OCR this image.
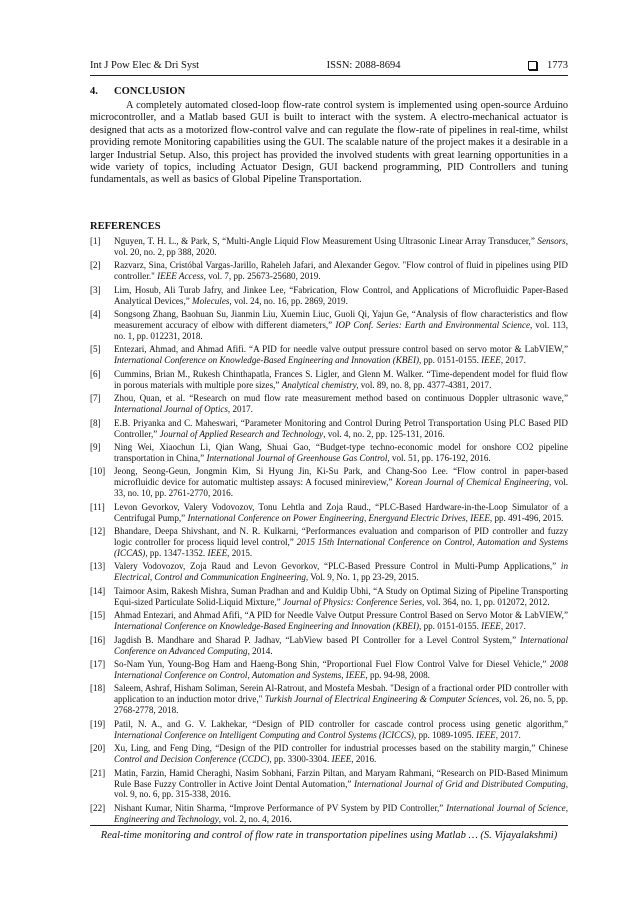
Int J Pow Elec & Dri Syst	ISSN: 2088-8694	1773
4.	CONCLUSION

A completely automated closed-loop flow-rate control system is implemented using open-source Arduino microcontroller, and a Matlab based GUI is built to interact with the system. A electro-mechanical actuator is designed that acts as a motorized flow-control valve and can regulate the flow-rate of pipelines in real-time, whilst providing remote Monitoring capabilities using the GUI. The scalable nature of the project makes it a desirable in a larger Industrial Setup. Also, this project has provided the involved students with great learning opportunities in a wide variety of topics, including Actuator Design, GUI backend programming, PID Controllers and tuning fundamentals, as well as basics of Global Pipeline Transportation.

REFERENCES
[1]	Nguyen, T. H. L., & Park, S, “Multi-Angle Liquid Flow Measurement Using Ultrasonic Linear Array Transducer,” Sensors, vol. 20, no. 2, pp 388, 2020.
[2]	Razvarz, Sina, Cristóbal Vargas-Jarillo, Raheleh Jafari, and Alexander Gegov. "Flow control of fluid in pipelines using PID controller." IEEE Access, vol. 7, pp. 25673-25680, 2019.
[3]	Lim, Hosub, Ali Turab Jafry, and Jinkee Lee, “Fabrication, Flow Control, and Applications of Microfluidic Paper-Based Analytical Devices,” Molecules, vol. 24, no. 16, pp. 2869, 2019.
[4]	Songsong Zhang, Baohuan Su, Jianmin Liu, Xuemin Liuc, Guoli Qi, Yajun Ge, “Analysis of flow characteristics and flow measurement accuracy of elbow with different diameters,” IOP Conf. Series: Earth and Environmental Science, vol. 113, no. 1, pp. 012231, 2018.
[5]	Entezari, Ahmad, and Ahmad Afifi. “A PID for needle valve output pressure control based on servo motor & LabVIEW,” International Conference on Knowledge-Based Engineering and Innovation (KBEI), pp. 0151-0155. IEEE, 2017.
[6]	Cummins, Brian M., Rukesh Chinthapatla, Frances S. Ligler, and Glenn M. Walker. “Time-dependent model for fluid flow in porous materials with multiple pore sizes,” Analytical chemistry, vol. 89, no. 8, pp. 4377-4381, 2017.
[7]	Zhou, Quan, et al. “Research on mud flow rate measurement method based on continuous Doppler ultrasonic wave,” International Journal of Optics, 2017.
[8]	E.B. Priyanka and C. Maheswari, “Parameter Monitoring and Control During Petrol Transportation Using PLC Based PID Controller,” Journal of Applied Research and Technology, vol. 4, no. 2, pp. 125-131, 2016.
[9]	Ning Wei, Xiaochun Li, Qian Wang, Shuai Gao, “Budget-type techno-economic model for onshore CO2 pipeline transportation in China,” International Journal of Greenhouse Gas Control, vol. 51, pp. 176-192, 2016.
[10] Jeong, Seong-Geun, Jongmin Kim, Si Hyung Jin, Ki-Su Park, and Chang-Soo Lee. “Flow control in paper-based microfluidic device for automatic multistep assays: A focused minireview,” Korean Journal of Chemical Engineering, vol. 33, no. 10, pp. 2761-2770, 2016.
[11]	Levon Gevorkov, Valery Vodovozov, Tonu Lehtla and Zoja Raud., “PLC-Based Hardware-in-the-Loop Simulator of a Centrifugal Pump,” International Conference on Power Engineering, Energyand Electric Drives, IEEE, pp. 491-496, 2015.
[12] Bhandare, Deepa Shivshant, and N. R. Kulkarni, “Performances evaluation and comparison of PID controller and fuzzy logic controller for process liquid level control,” 2015 15th International Conference on Control, Automation and Systems (ICCAS), pp. 1347-1352. IEEE, 2015.
[13] Valery Vodovozov, Zoja Raud and Levon Gevorkov, “PLC-Based Pressure Control in Multi-Pump Applications,” in Electrical, Control and Communication Engineering, Vol. 9, No. 1, pp 23-29, 2015.
[14] Taimoor Asim, Rakesh Mishra, Suman Pradhan and and Kuldip Ubhi, “A Study on Optimal Sizing of Pipeline Transporting Equi-sized Particulate Solid-Liquid Mixture,” Journal of Physics: Conference Series, vol. 364, no. 1, pp. 012072, 2012.
[15] Ahmad Entezari, and Ahmad Afifi, “A PID for Needle Valve Output Pressure Control Based on Servo Motor & LabVIEW,” International Conference on Knowledge-Based Engineering and Innovation (KBEI), pp. 0151-0155. IEEE, 2017.
[16] Jagdish B. Mandhare and Sharad P. Jadhav, “LabView based PI Controller for a Level Control System,” International Conference on Advanced Computing, 2014.
[17] So-Nam Yun, Young-Bog Ham and Haeng-Bong Shin, “Proportional Fuel Flow Control Valve for Diesel Vehicle,” 2008 International Conference on Control, Automation and Systems, IEEE, pp. 94-98, 2008.
[18] Saleem, Ashraf, Hisham Soliman, Serein Al-Ratrout, and Mostefa Mesbah. "Design of a fractional order PID controller with application to an induction motor drive," Turkish Journal of Electrical Engineering & Computer Sciences, vol. 26, no. 5, pp. 2768-2778, 2018.
[19] Patil, N. A., and G. V. Lakhekar, “Design of PID controller for cascade control process using genetic algorithm,” International Conference on Intelligent Computing and Control Systems (ICICCS), pp. 1089-1095. IEEE, 2017.
[20] Xu, Ling, and Feng Ding, “Design of the PID controller for industrial processes based on the stability margin,” Chinese Control and Decision Conference (CCDC), pp. 3300-3304. IEEE, 2016.
[21] Matin, Farzin, Hamid Cheraghi, Nasim Sobhani, Farzin Piltan, and Maryam Rahmani, “Research on PID-Based Minimum Rule Base Fuzzy Controller in Active Joint Dental Automation,” International Journal of Grid and Distributed Computing, vol. 9, no. 6, pp. 315-338, 2016.
[22] Nishant Kumar, Nitin Sharma, “Improve Performance of PV System by PID Controller,” International Journal of Science, Engineering and Technology, vol. 2, no. 4, 2016.
Real-time monitoring and control of flow rate in transportation pipelines using Matlab … (S. Vijayalakshmi)
